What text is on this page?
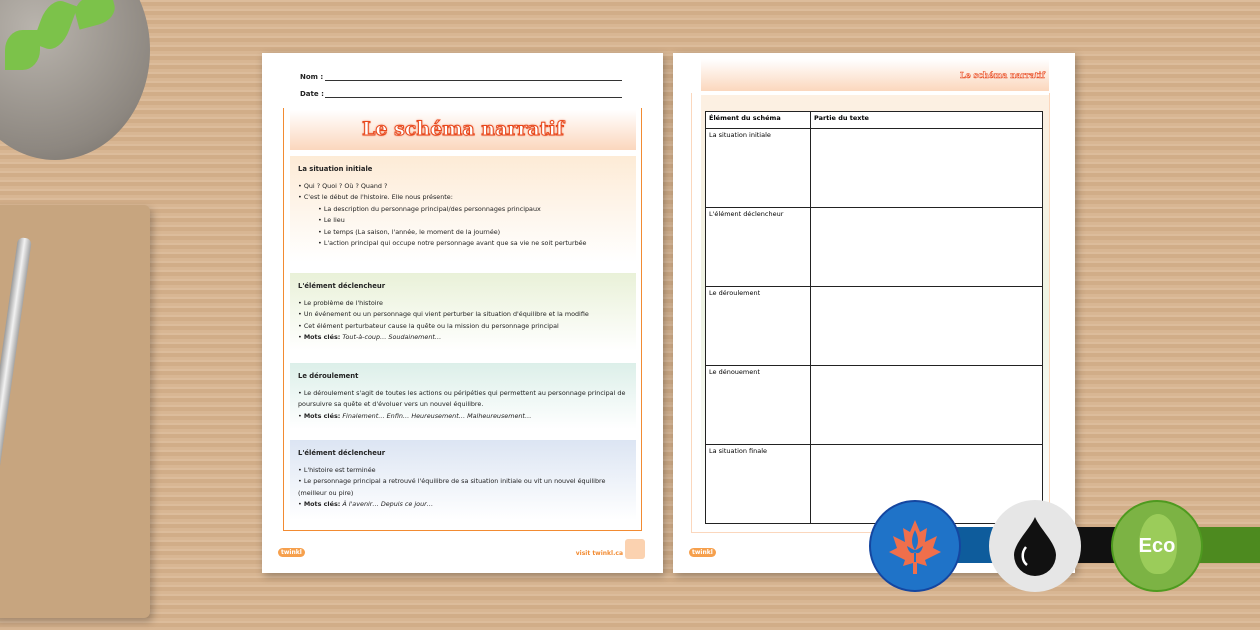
Nom :
Date :
Le schéma narratif
La situation initiale
• Qui ? Quoi ? Où ? Quand ?
• C'est le début de l'histoire. Elle nous présente:
• La description du personnage principal/des personnages principaux
• Le lieu
• Le temps (La saison, l'année, le moment de la journée)
• L'action principal qui occupe notre personnage avant que sa vie ne soit perturbée
L'élément déclencheur
• Le problème de l'histoire
• Un événement ou un personnage qui vient perturber la situation d'équilibre et la modifie
• Cet élément perturbateur cause la quête ou la mission du personnage principal
• Mots clés: Tout-à-coup… Soudainement…
Le déroulement
• Le déroulement s'agit de toutes les actions ou péripéties qui permettent au personnage principal de poursuivre sa quête et d'évoluer vers un nouvel équilibre.
• Mots clés: Finalement… Enfin… Heureusement… Malheureusement…
L'élément déclencheur
• L'histoire est terminée
• Le personnage principal a retrouvé l'équilibre de sa situation initiale ou vit un nouvel équilibre (meilleur ou pire)
• Mots clés: À l'avenir… Depuis ce jour…
twinkl	visit twinkl.ca
Le schéma narratif
Élément du schéma	Partie du texte
La situation initiale	
L'élément déclencheur	
Le déroulement	
Le dénouement	
La situation finale	
twinkl	Eco
